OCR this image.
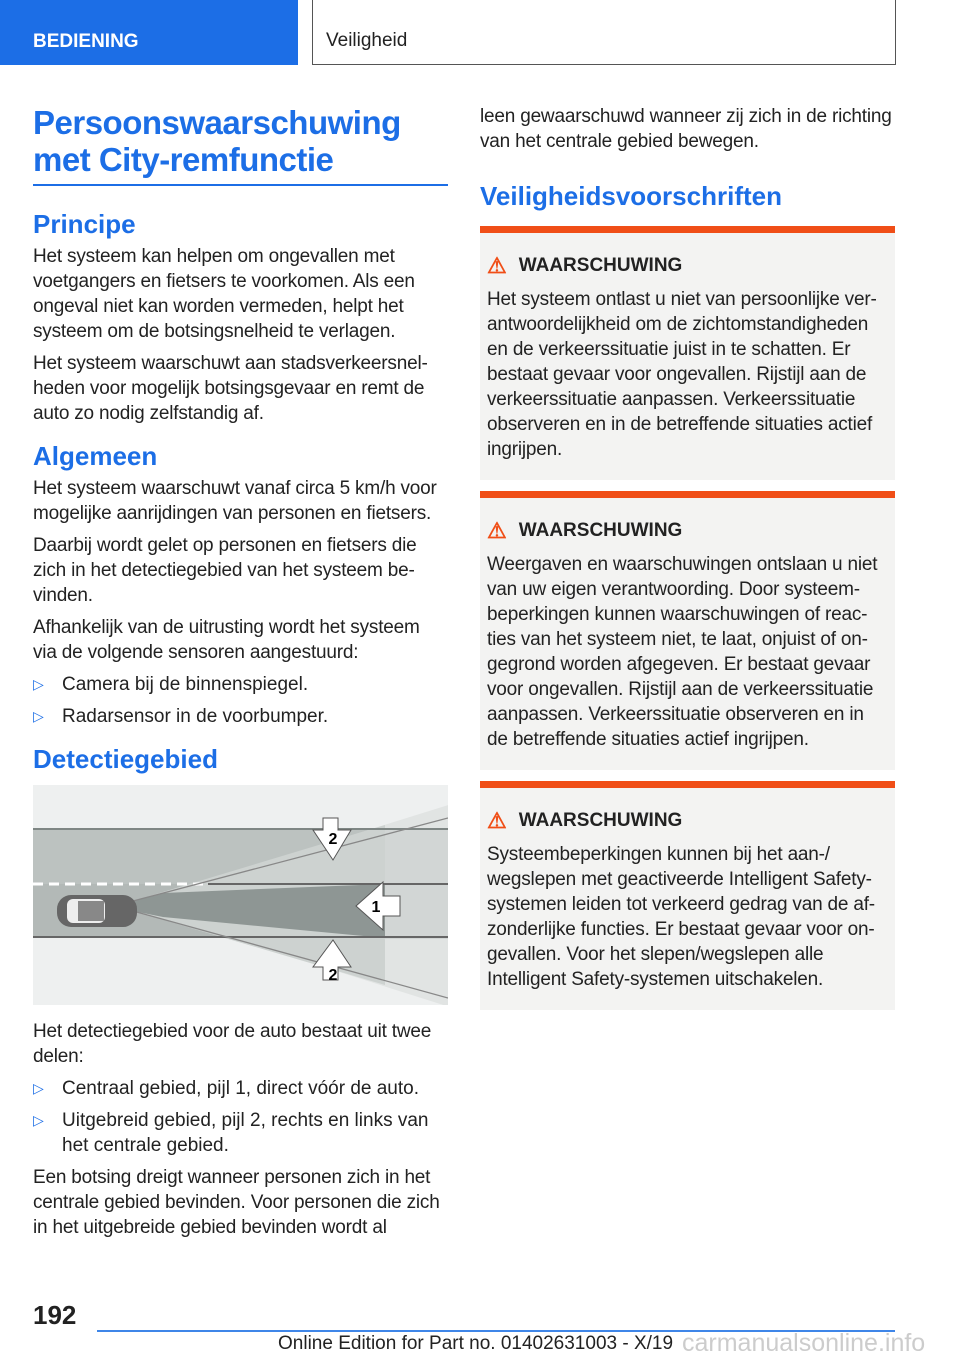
BEDIENING	Veiligheid
Persoonswaarschuwing met City-remfunctie
Principe

Het systeem kan helpen om ongevallen met voetgangers en fietsers te voorkomen. Als een ongeval niet kan worden vermeden, helpt het systeem om de botsingsnelheid te verlagen.

Het systeem waarschuwt aan stadsverkeersnelheden voor mogelijk botsingsgevaar en remt de auto zo nodig zelfstandig af.

Algemeen

Het systeem waarschuwt vanaf circa 5 km/h voor mogelijke aanrijdingen van personen en fietsers.

Daarbij wordt gelet op personen en fietsers die zich in het detectiegebied van het systeem bevinden.

Afhankelijk van de uitrusting wordt het systeem via de volgende sensoren aangestuurd:

▷ Camera bij de binnenspiegel.
▷ Radarsensor in de voorbumper.
Detectiegebied
2
2
1

Het detectiegebied voor de auto bestaat uit twee delen:

▷ Centraal gebied, pijl 1, direct vóór de auto.
▷ Uitgebreid gebied, pijl 2, rechts en links van het centrale gebied.

Een botsing dreigt wanneer personen zich in het centrale gebied bevinden. Voor personen die zich in het uitgebreide gebied bevinden wordt al

leen gewaarschuwd wanneer zij zich in de richting van het centrale gebied bewegen.

Veiligheidsvoorschriften
⚠ WAARSCHUWING

Het systeem ontlast u niet van persoonlijke verantwoordelijkheid om de zichtomstandigheden en de verkeerssituatie juist in te schatten. Er bestaat gevaar voor ongevallen. Rijstijl aan de verkeerssituatie aanpassen. Verkeerssituatie observeren en in de betreffende situaties actief ingrijpen.

⚠ WAARSCHUWING

Weergaven en waarschuwingen ontslaan u niet van uw eigen verantwoording. Door systeembeperkingen kunnen waarschuwingen of reacties van het systeem niet, te laat, onjuist of ongegrond worden afgegeven. Er bestaat gevaar voor ongevallen. Rijstijl aan de verkeerssituatie aanpassen. Verkeerssituatie observeren en in de betreffende situaties actief ingrijpen.

⚠ WAARSCHUWING

Systeembeperkingen kunnen bij het aan-/ wegslepen met geactiveerde Intelligent Safety-systemen leiden tot verkeerd gedrag van de afzonderlijke functies. Er bestaat gevaar voor ongevallen. Voor het slepen/wegslepen alle Intelligent Safety-systemen uitschakelen.

192
Online Edition for Part no. 01402631003 - X/19 carmanualsonline.info
